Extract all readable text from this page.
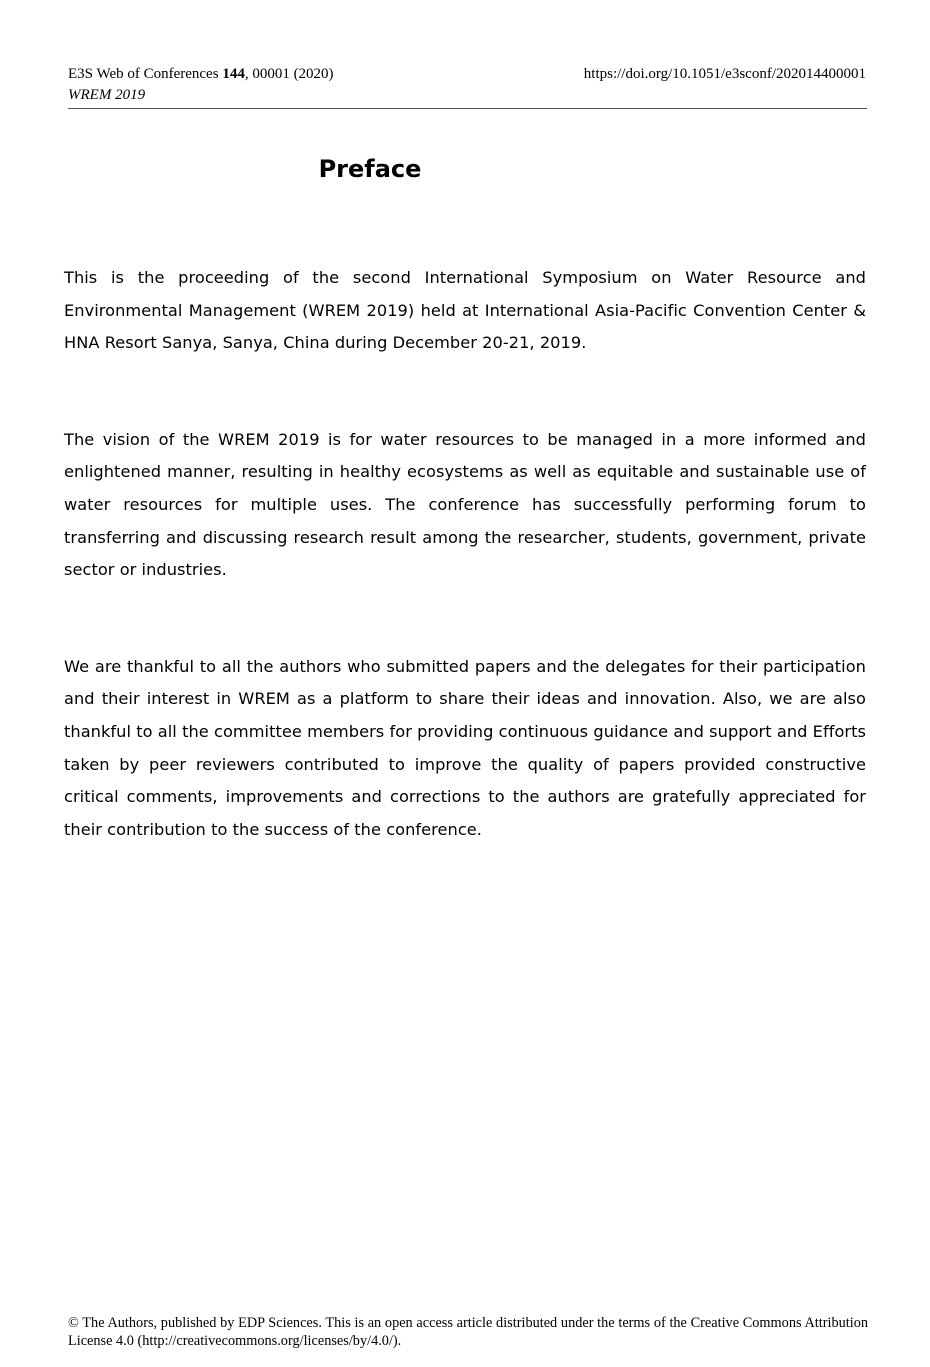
E3S Web of Conferences 144, 00001 (2020)	https://doi.org/10.1051/e3sconf/202014400001
WREM 2019
Preface

This is the proceeding of the second International Symposium on Water Resource and Environmental Management (WREM 2019) held at International Asia-Pacific Convention Center & HNA Resort Sanya, Sanya, China during December 20-21, 2019.

The vision of the WREM 2019 is for water resources to be managed in a more informed and enlightened manner, resulting in healthy ecosystems as well as equitable and sustainable use of water resources for multiple uses. The conference has successfully performing forum to transferring and discussing research result among the researcher, students, government, private sector or industries.

We are thankful to all the authors who submitted papers and the delegates for their participation and their interest in WREM as a platform to share their ideas and innovation. Also, we are also thankful to all the committee members for providing continuous guidance and support and Efforts taken by peer reviewers contributed to improve the quality of papers provided constructive critical comments, improvements and corrections to the authors are gratefully appreciated for their contribution to the success of the conference.

© The Authors, published by EDP Sciences. This is an open access article distributed under the terms of the Creative Commons Attribution License 4.0 (http://creativecommons.org/licenses/by/4.0/).
